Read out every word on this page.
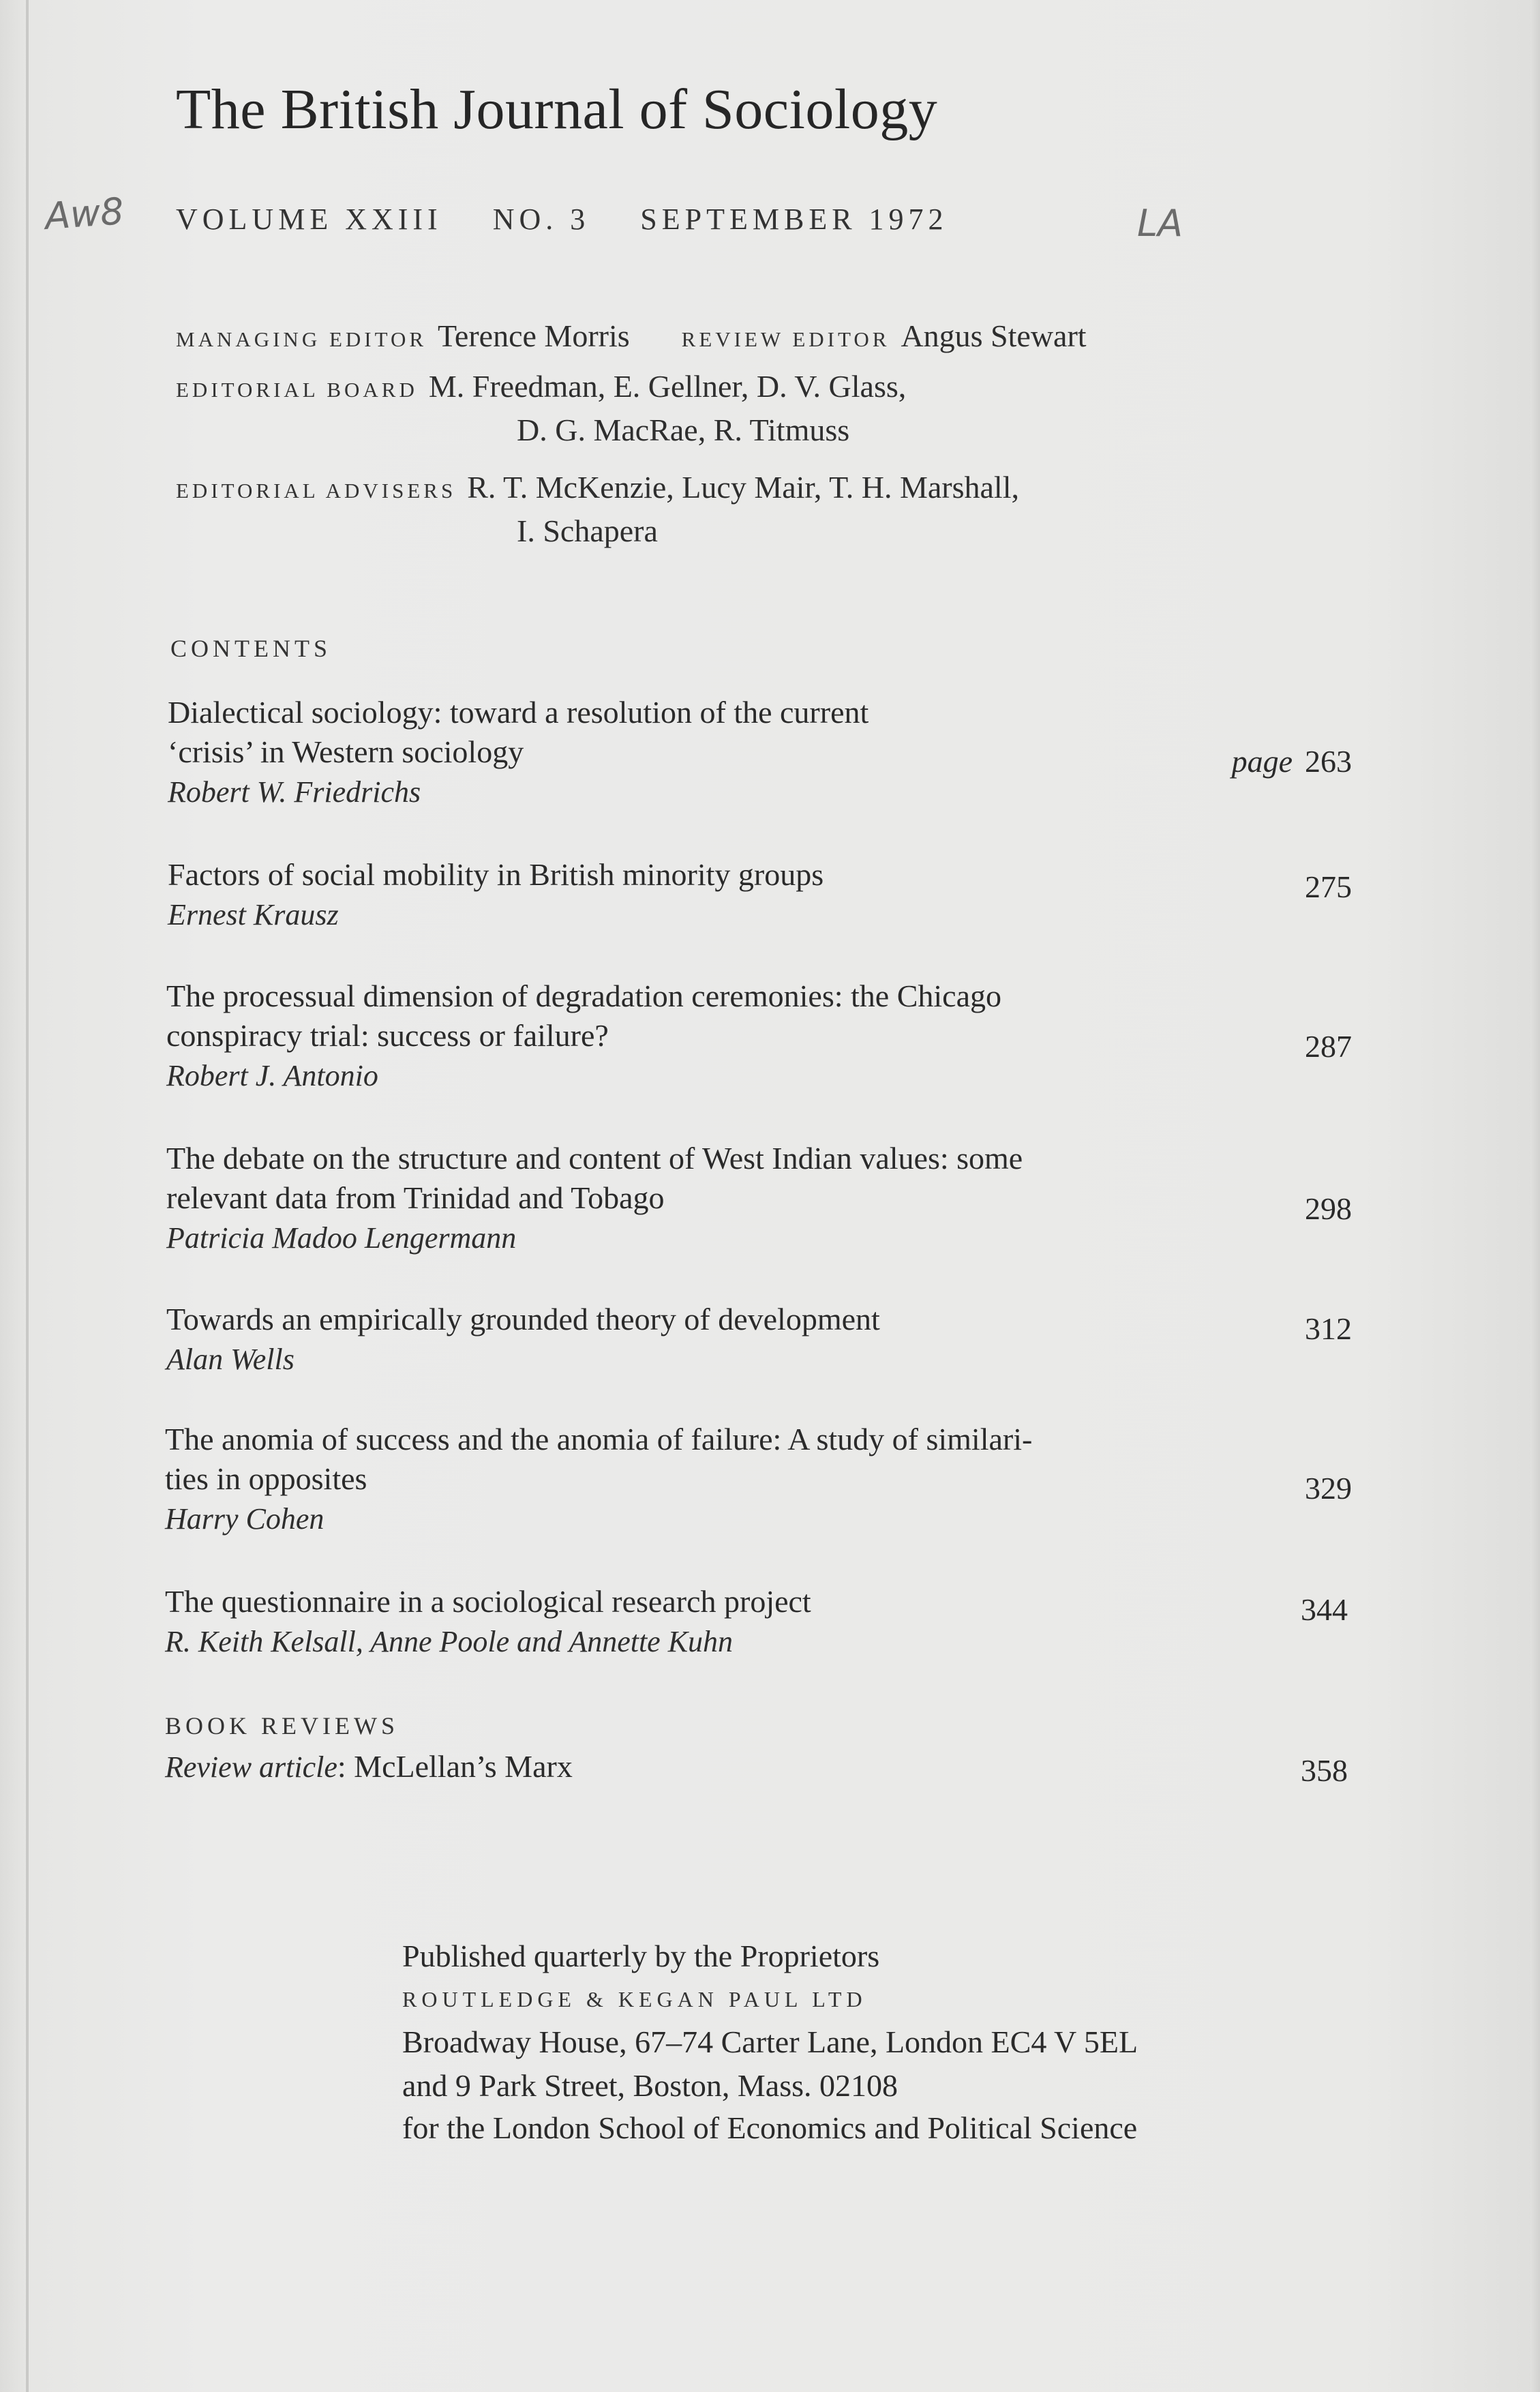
The British Journal of Sociology
Aw8 VOLUME XXIII NO. 3 SEPTEMBER 1972	LA
MANAGING EDITOR Terence Morris REVIEW EDITOR Angus Stewart
EDITORIAL BOARD M. Freedman, E. Gellner, D. V. Glass,
D. G. MacRae, R. Titmuss
EDITORIAL ADVISERS R. T. McKenzie, Lucy Mair, T. H. Marshall,
I. Schapera
CONTENTS
Dialectical sociology: toward a resolution of the current
‘crisis’ in Western sociology
Robert W. Friedrichs
page 263
Factors of social mobility in British minority groups
Ernest Krausz
275
The processual dimension of degradation ceremonies: the Chicago
conspiracy trial: success or failure?
Robert J. Antonio
287
The debate on the structure and content of West Indian values: some
relevant data from Trinidad and Tobago
Patricia Madoo Lengermann
298
Towards an empirically grounded theory of development
Alan Wells
312
The anomia of success and the anomia of failure: A study of similari-
ties in opposites
Harry Cohen
329
The questionnaire in a sociological research project
R. Keith Kelsall, Anne Poole and Annette Kuhn
344
BOOK REVIEWS
Review article: McLellan’s Marx	358
Published quarterly by the Proprietors
ROUTLEDGE & KEGAN PAUL LTD
Broadway House, 67–74 Carter Lane, London EC4 V 5EL
and 9 Park Street, Boston, Mass. 02108
for the London School of Economics and Political Science
